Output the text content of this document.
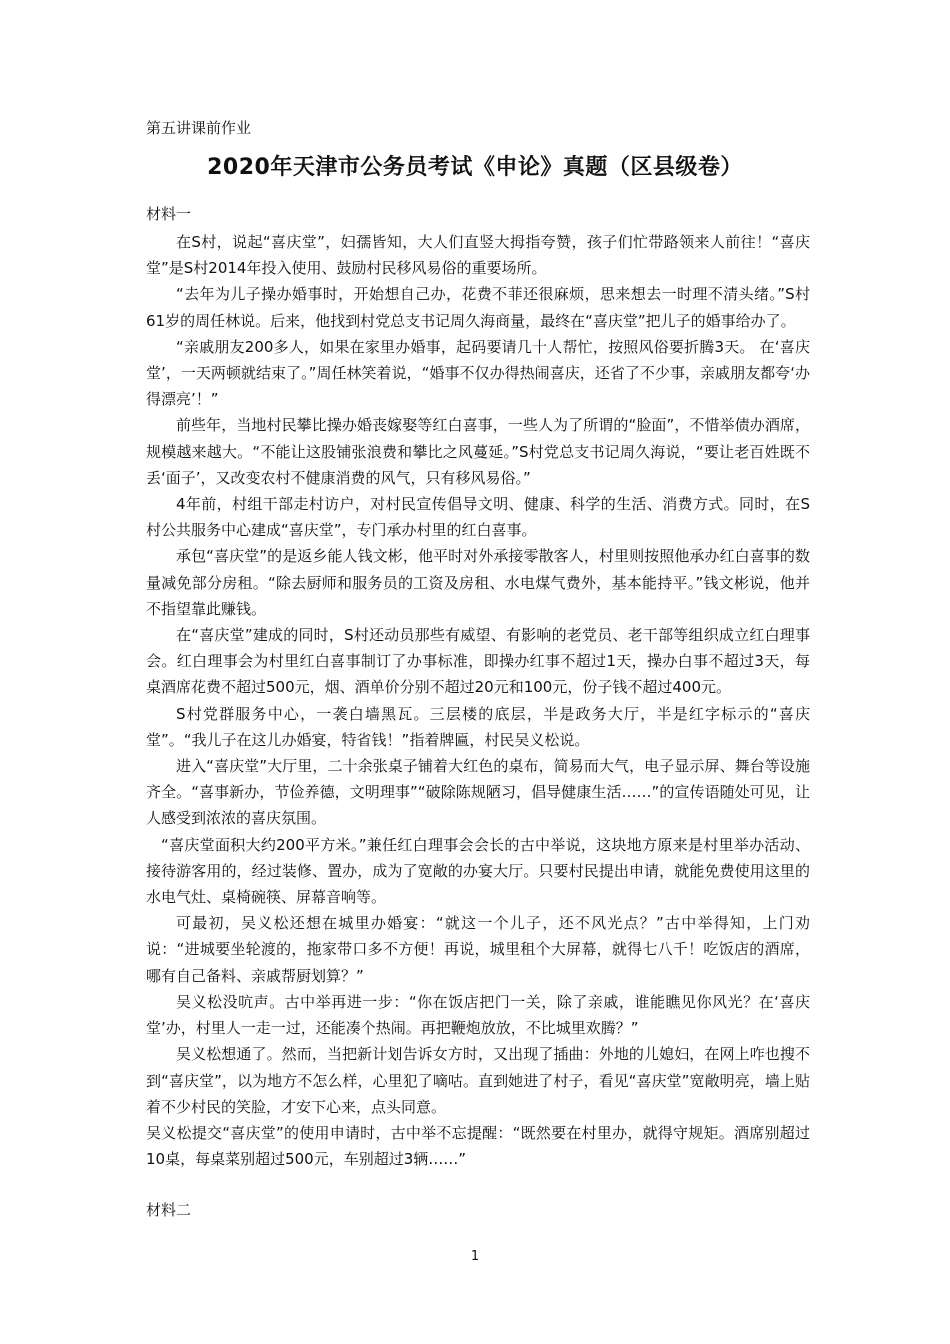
第五讲课前作业
2020年天津市公务员考试《申论》真题（区县级卷）
材料一

在S村，说起“喜庆堂”，妇孺皆知，大人们直竖大拇指夸赞，孩子们忙带路领来人前往！“喜庆堂”是S村2014年投入使用、鼓励村民移风易俗的重要场所。

“去年为儿子操办婚事时，开始想自己办，花费不菲还很麻烦，思来想去一时理不清头绪。”S村61岁的周任林说。后来，他找到村党总支书记周久海商量，最终在“喜庆堂”把儿子的婚事给办了。

“亲戚朋友200多人，如果在家里办婚事，起码要请几十人帮忙，按照风俗要折腾3天。 在‘喜庆堂’，一天两顿就结束了。”周任林笑着说，“婚事不仅办得热闹喜庆，还省了不少事，亲戚朋友都夸‘办得漂亮’！”

前些年，当地村民攀比操办婚丧嫁娶等红白喜事，一些人为了所谓的“脸面”，不惜举债办酒席，规模越来越大。“不能让这股铺张浪费和攀比之风蔓延。”S村党总支书记周久海说，“要让老百姓既不丢‘面子’，又改变农村不健康消费的风气，只有移风易俗。”

4年前，村组干部走村访户，对村民宣传倡导文明、健康、科学的生活、消费方式。同时，在S村公共服务中心建成“喜庆堂”，专门承办村里的红白喜事。

承包“喜庆堂”的是返乡能人钱文彬，他平时对外承接零散客人，村里则按照他承办红白喜事的数量减免部分房租。“除去厨师和服务员的工资及房租、水电煤气费外，基本能持平。”钱文彬说，他并不指望靠此赚钱。

在“喜庆堂”建成的同时，S村还动员那些有威望、有影响的老党员、老干部等组织成立红白理事会。红白理事会为村里红白喜事制订了办事标准，即操办红事不超过1天，操办白事不超过3天，每桌酒席花费不超过500元，烟、酒单价分别不超过20元和100元，份子钱不超过400元。

S村党群服务中心，一袭白墙黑瓦。三层楼的底层，半是政务大厅，半是红字标示的“喜庆堂”。“我儿子在这儿办婚宴，特省钱！”指着牌匾，村民吴义松说。

进入“喜庆堂”大厅里，二十余张桌子铺着大红色的桌布，简易而大气，电子显示屏、舞台等设施齐全。“喜事新办，节俭养德，文明理事”“破除陈规陋习，倡导健康生活……”的宣传语随处可见，让人感受到浓浓的喜庆氛围。

“喜庆堂面积大约200平方米。”兼任红白理事会会长的古中举说，这块地方原来是村里举办活动、接待游客用的，经过装修、置办，成为了宽敞的办宴大厅。只要村民提出申请，就能免费使用这里的水电气灶、桌椅碗筷、屏幕音响等。

可最初，吴义松还想在城里办婚宴：“就这一个儿子，还不风光点？”古中举得知，上门劝说：“进城要坐轮渡的，拖家带口多不方便！再说，城里租个大屏幕，就得七八千！吃饭店的酒席，哪有自己备料、亲戚帮厨划算？”

吴义松没吭声。古中举再进一步：“你在饭店把门一关，除了亲戚，谁能瞧见你风光？在‘喜庆堂’办，村里人一走一过，还能凑个热闹。再把鞭炮放放，不比城里欢腾？”

吴义松想通了。然而，当把新计划告诉女方时，又出现了插曲：外地的儿媳妇，在网上咋也搜不到“喜庆堂”，以为地方不怎么样，心里犯了嘀咕。直到她进了村子，看见“喜庆堂”宽敞明亮，墙上贴着不少村民的笑脸，才安下心来，点头同意。

吴义松提交“喜庆堂”的使用申请时，古中举不忘提醒：“既然要在村里办，就得守规矩。酒席别超过10桌，每桌菜别超过500元，车别超过3辆……”

材料二
1
